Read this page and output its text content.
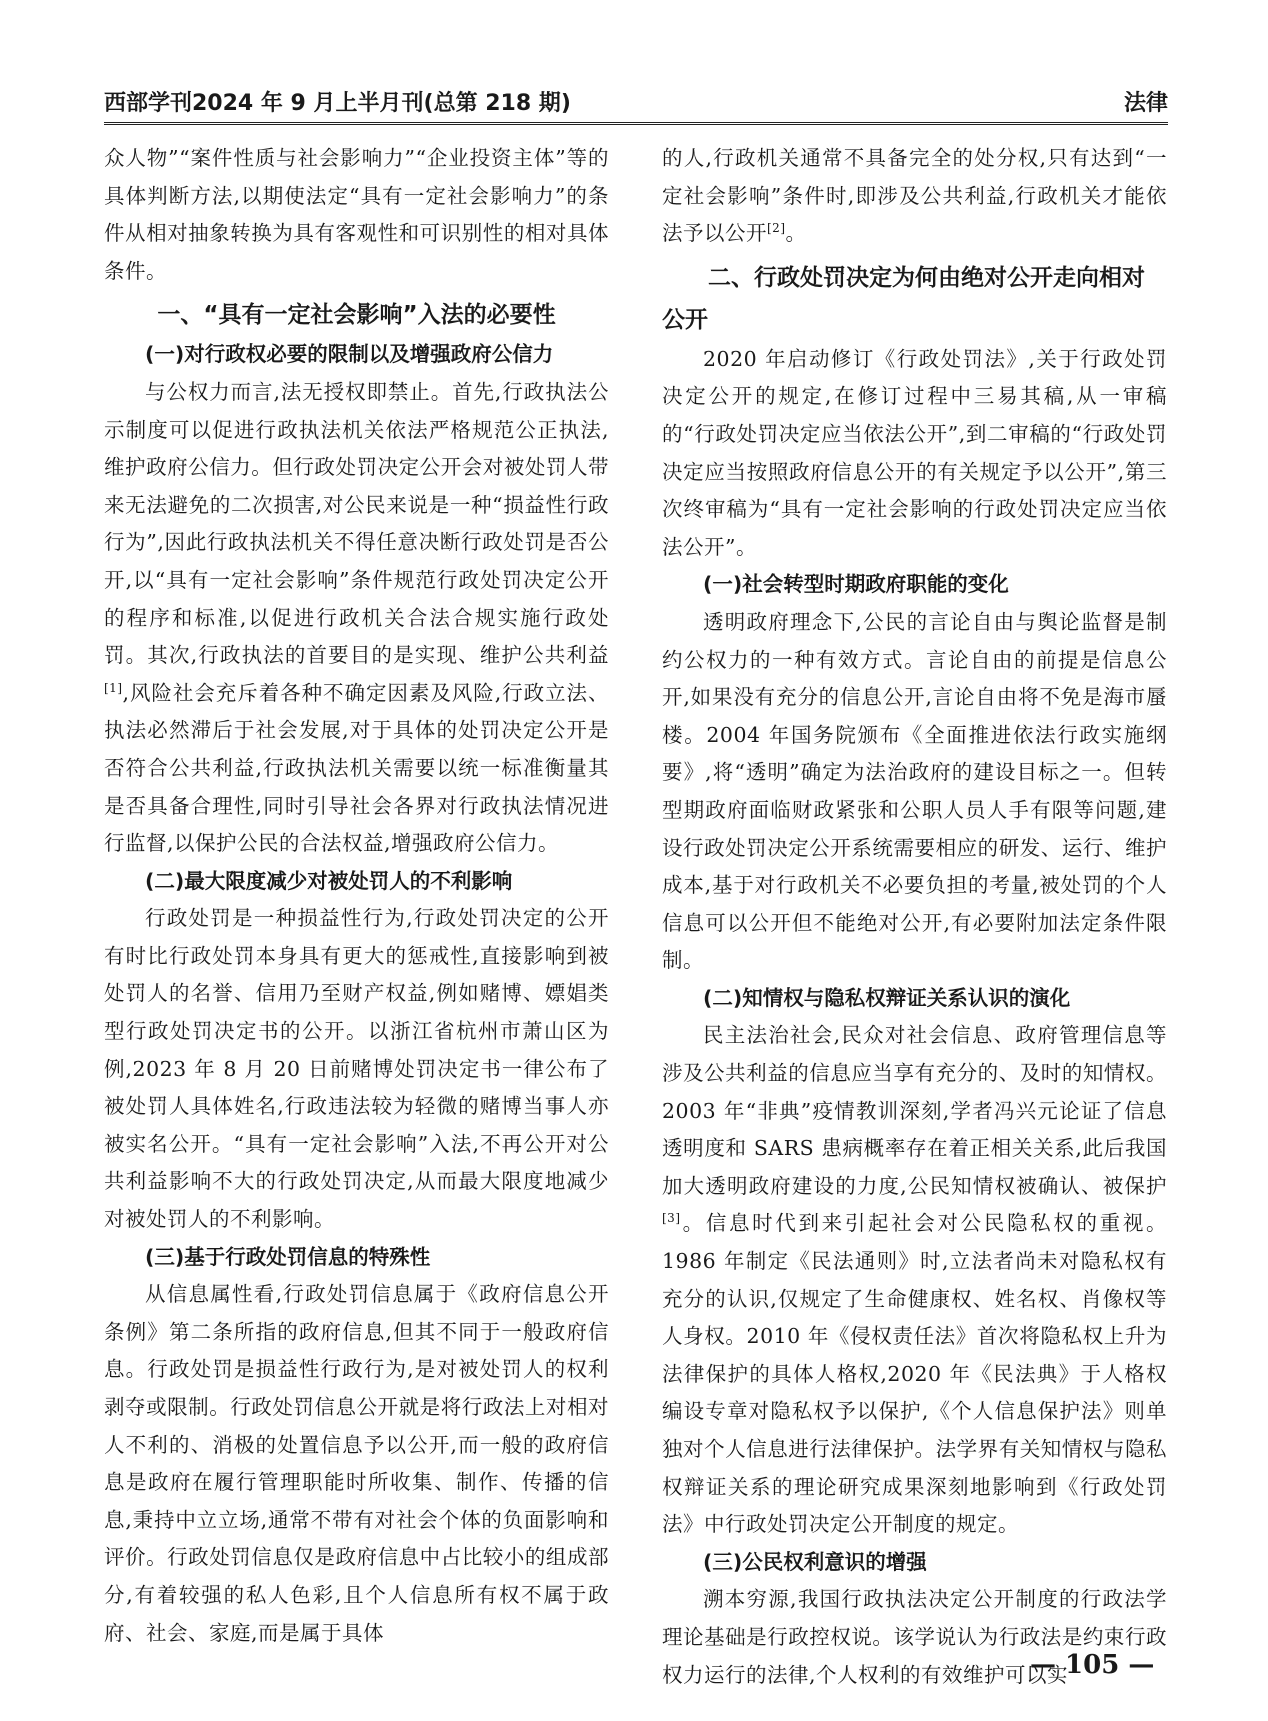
西部学刊2024 年 9 月上半月刊(总第 218 期)	法律

众人物”“案件性质与社会影响力”“企业投资主体”等的具体判断方法,以期使法定“具有一定社会影响力”的条件从相对抽象转换为具有客观性和可识别性的相对具体条件。

一、“具有一定社会影响”入法的必要性
(一)对行政权必要的限制以及增强政府公信力

与公权力而言,法无授权即禁止。首先,行政执法公示制度可以促进行政执法机关依法严格规范公正执法,维护政府公信力。但行政处罚决定公开会对被处罚人带来无法避免的二次损害,对公民来说是一种“损益性行政行为”,因此行政执法机关不得任意决断行政处罚是否公开,以“具有一定社会影响”条件规范行政处罚决定公开的程序和标准,以促进行政机关合法合规实施行政处罚。其次,行政执法的首要目的是实现、维护公共利益[1],风险社会充斥着各种不确定因素及风险,行政立法、执法必然滞后于社会发展,对于具体的处罚决定公开是否符合公共利益,行政执法机关需要以统一标准衡量其是否具备合理性,同时引导社会各界对行政执法情况进行监督,以保护公民的合法权益,增强政府公信力。

(二)最大限度减少对被处罚人的不利影响

行政处罚是一种损益性行为,行政处罚决定的公开有时比行政处罚本身具有更大的惩戒性,直接影响到被处罚人的名誉、信用乃至财产权益,例如赌博、嫖娼类型行政处罚决定书的公开。以浙江省杭州市萧山区为例,2023 年 8 月 20 日前赌博处罚决定书一律公布了被处罚人具体姓名,行政违法较为轻微的赌博当事人亦被实名公开。“具有一定社会影响”入法,不再公开对公共利益影响不大的行政处罚决定,从而最大限度地减少对被处罚人的不利影响。

(三)基于行政处罚信息的特殊性

从信息属性看,行政处罚信息属于《政府信息公开条例》第二条所指的政府信息,但其不同于一般政府信息。行政处罚是损益性行政行为,是对被处罚人的权利剥夺或限制。行政处罚信息公开就是将行政法上对相对人不利的、消极的处置信息予以公开,而一般的政府信息是政府在履行管理职能时所收集、制作、传播的信息,秉持中立立场,通常不带有对社会个体的负面影响和评价。行政处罚信息仅是政府信息中占比较小的组成部分,有着较强的私人色彩,且个人信息所有权不属于政府、社会、家庭,而是属于具体

的人,行政机关通常不具备完全的处分权,只有达到“一定社会影响”条件时,即涉及公共利益,行政机关才能依法予以公开[2]。

二、行政处罚决定为何由绝对公开走向相对公开

2020 年启动修订《行政处罚法》,关于行政处罚决定公开的规定,在修订过程中三易其稿,从一审稿的“行政处罚决定应当依法公开”,到二审稿的“行政处罚决定应当按照政府信息公开的有关规定予以公开”,第三次终审稿为“具有一定社会影响的行政处罚决定应当依法公开”。

(一)社会转型时期政府职能的变化

透明政府理念下,公民的言论自由与舆论监督是制约公权力的一种有效方式。言论自由的前提是信息公开,如果没有充分的信息公开,言论自由将不免是海市蜃楼。2004 年国务院颁布《全面推进依法行政实施纲要》,将“透明”确定为法治政府的建设目标之一。但转型期政府面临财政紧张和公职人员人手有限等问题,建设行政处罚决定公开系统需要相应的研发、运行、维护成本,基于对行政机关不必要负担的考量,被处罚的个人信息可以公开但不能绝对公开,有必要附加法定条件限制。

(二)知情权与隐私权辩证关系认识的演化

民主法治社会,民众对社会信息、政府管理信息等涉及公共利益的信息应当享有充分的、及时的知情权。2003 年“非典”疫情教训深刻,学者冯兴元论证了信息透明度和 SARS 患病概率存在着正相关关系,此后我国加大透明政府建设的力度,公民知情权被确认、被保护[3]。信息时代到来引起社会对公民隐私权的重视。1986 年制定《民法通则》时,立法者尚未对隐私权有充分的认识,仅规定了生命健康权、姓名权、肖像权等人身权。2010 年《侵权责任法》首次将隐私权上升为法律保护的具体人格权,2020 年《民法典》于人格权编设专章对隐私权予以保护,《个人信息保护法》则单独对个人信息进行法律保护。法学界有关知情权与隐私权辩证关系的理论研究成果深刻地影响到《行政处罚法》中行政处罚决定公开制度的规定。

(三)公民权利意识的增强

溯本穷源,我国行政执法决定公开制度的行政法学理论基础是行政控权说。该学说认为行政法是约束行政权力运行的法律,个人权利的有效维护可以实

— 105 —
